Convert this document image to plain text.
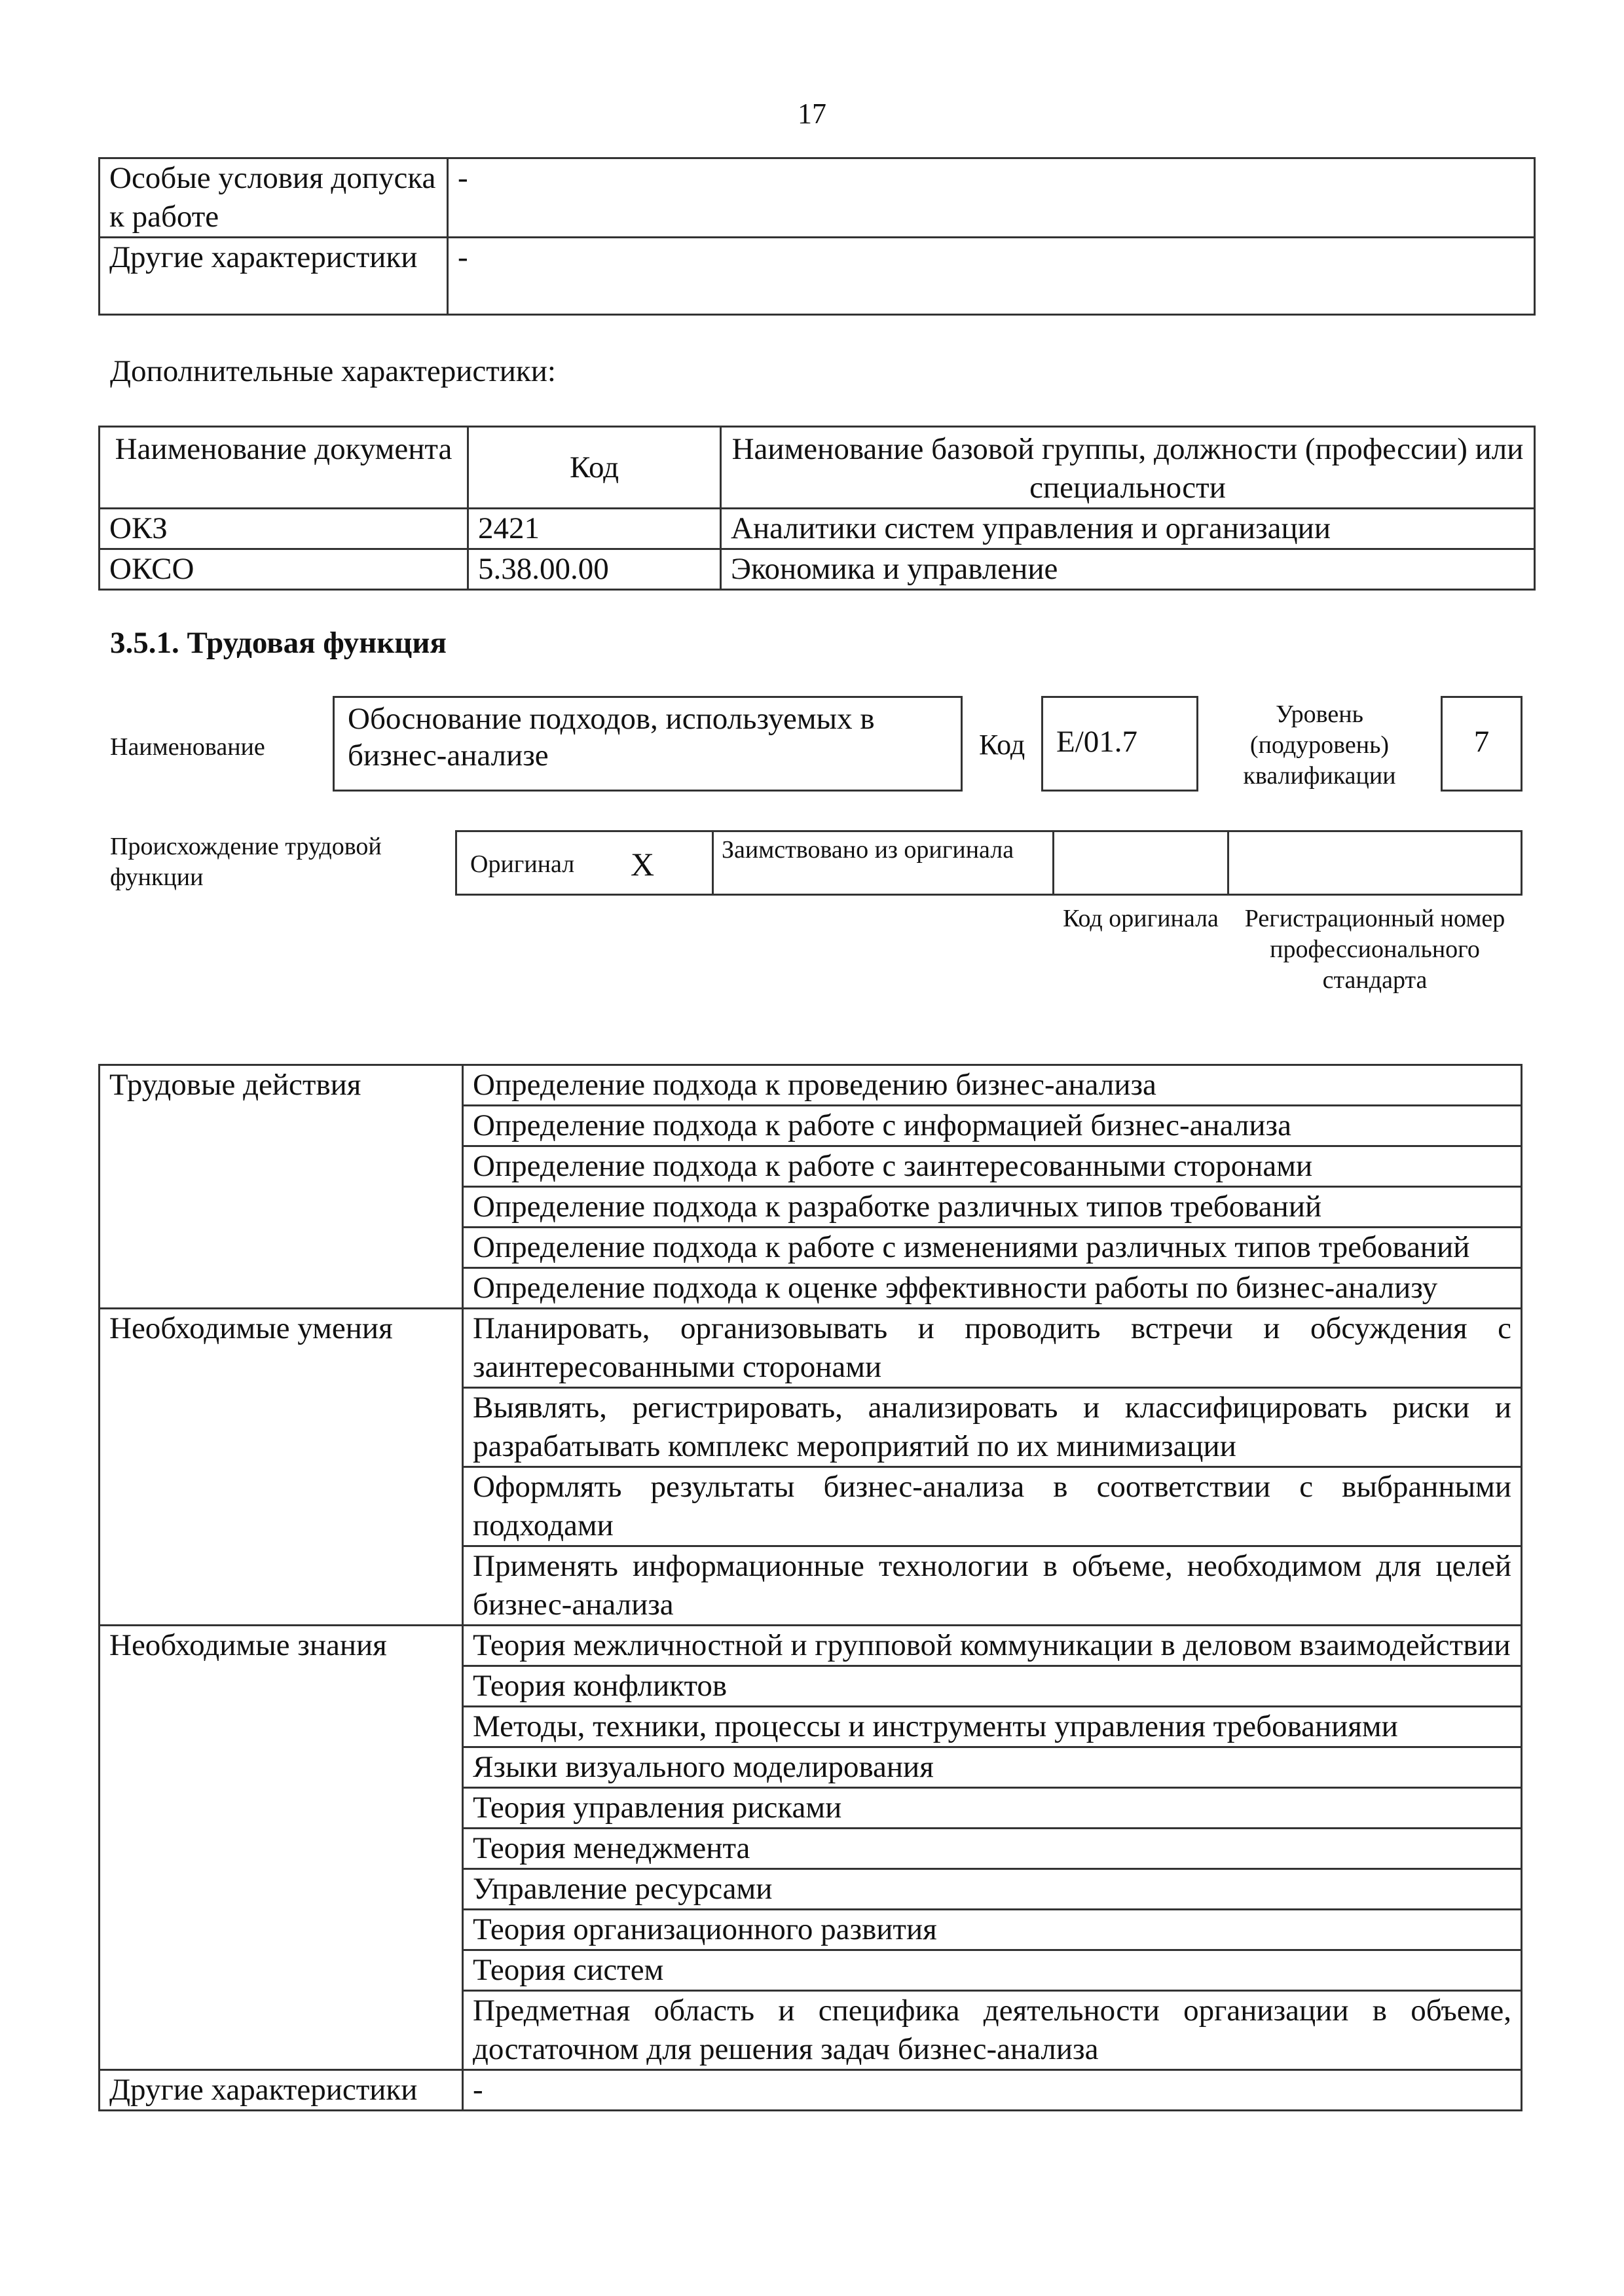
17
Особые условия допуска к работе	-
Другие характеристики	-
Дополнительные характеристики:
Наименование документа	Код	Наименование базовой группы, должности (профессии) или специальности
ОКЗ	2421	Аналитики систем управления и организации
ОКСО	5.38.00.00	Экономика и управление
3.5.1. Трудовая функция
Наименование
Обоснование подходов, используемых в бизнес-анализе	Код	E/01.7
Уровень (подуровень) квалификации
7
Происхождение трудовой функции	Оригинал X	Заимствовано из оригинала
Код оригинала	Регистрационный номер профессионального стандарта
Трудовые действия	Определение подхода к проведению бизнес-анализа
	Определение подхода к работе с информацией бизнес-анализа
	Определение подхода к работе с заинтересованными сторонами
	Определение подхода к разработке различных типов требований
	Определение подхода к работе с изменениями различных типов требований
	Определение подхода к оценке эффективности работы по бизнес-анализу
Необходимые умения	Планировать, организовывать и проводить встречи и обсуждения с заинтересованными сторонами
	Выявлять, регистрировать, анализировать и классифицировать риски и разрабатывать комплекс мероприятий по их минимизации
	Оформлять результаты бизнес-анализа в соответствии с выбранными подходами
	Применять информационные технологии в объеме, необходимом для целей бизнес-анализа
Необходимые знания	Теория межличностной и групповой коммуникации в деловом взаимодействии
	Теория конфликтов
	Методы, техники, процессы и инструменты управления требованиями
	Языки визуального моделирования
	Теория управления рисками
	Теория менеджмента
	Управление ресурсами
	Теория организационного развития
	Теория систем
	Предметная область и специфика деятельности организации в объеме, достаточном для решения задач бизнес-анализа
Другие характеристики	-
